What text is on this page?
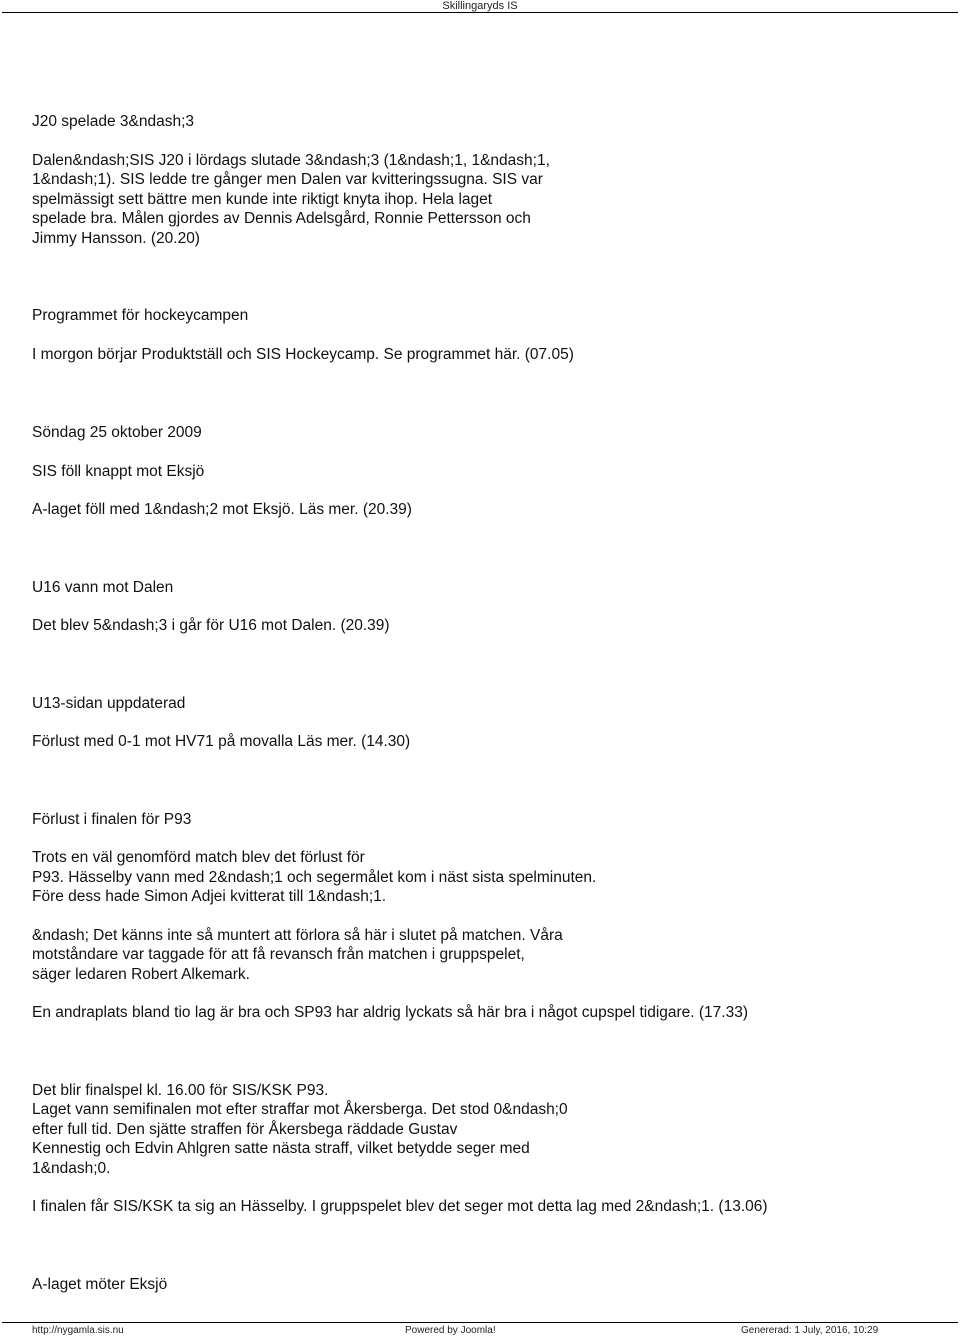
Skillingaryds IS

J20 spelade 3&ndash;3

Dalen&ndash;SIS J20 i lördags slutade 3&ndash;3 (1&ndash;1, 1&ndash;1,
1&ndash;1). SIS ledde tre gånger men Dalen var kvitteringssugna. SIS var
spelmässigt sett bättre men kunde inte riktigt knyta ihop. Hela laget
spelade bra. Målen gjordes av Dennis Adelsgård, Ronnie Pettersson och
Jimmy Hansson. (20.20)

Programmet för hockeycampen

I morgon börjar Produktställ och SIS Hockeycamp. Se programmet här. (07.05)

Söndag 25 oktober 2009

SIS föll knappt mot Eksjö

A-laget föll med 1&ndash;2 mot Eksjö. Läs mer. (20.39)

U16 vann mot Dalen

Det blev 5&ndash;3 i går för U16 mot Dalen. (20.39)

U13-sidan uppdaterad

Förlust med 0-1 mot HV71 på movalla Läs mer. (14.30)

Förlust i finalen för P93

Trots en väl genomförd match blev det förlust för
P93. Hässelby vann med 2&ndash;1 och segermålet kom i näst sista spelminuten.
Före dess hade Simon Adjei kvitterat till 1&ndash;1.

&ndash; Det känns inte så muntert att förlora så här i slutet på matchen. Våra
motståndare var taggade för att få revansch från matchen i gruppspelet,
säger ledaren Robert Alkemark.

En andraplats bland tio lag är bra och SP93 har aldrig lyckats så här bra i något cupspel tidigare. (17.33)

Det blir finalspel kl. 16.00 för SIS/KSK P93.
Laget vann semifinalen mot efter straffar mot Åkersberga. Det stod 0&ndash;0
efter full tid. Den sjätte straffen för Åkersbega räddade Gustav
Kennestig och Edvin Ahlgren satte nästa straff, vilket betydde seger med
1&ndash;0.

I finalen får SIS/KSK ta sig an Hässelby. I gruppspelet blev det seger mot detta lag med 2&ndash;1. (13.06)

A-laget möter Eksjö

http://nygamla.sis.nu	Powered by Joomla!	Genererad: 1 July, 2016, 10:29
